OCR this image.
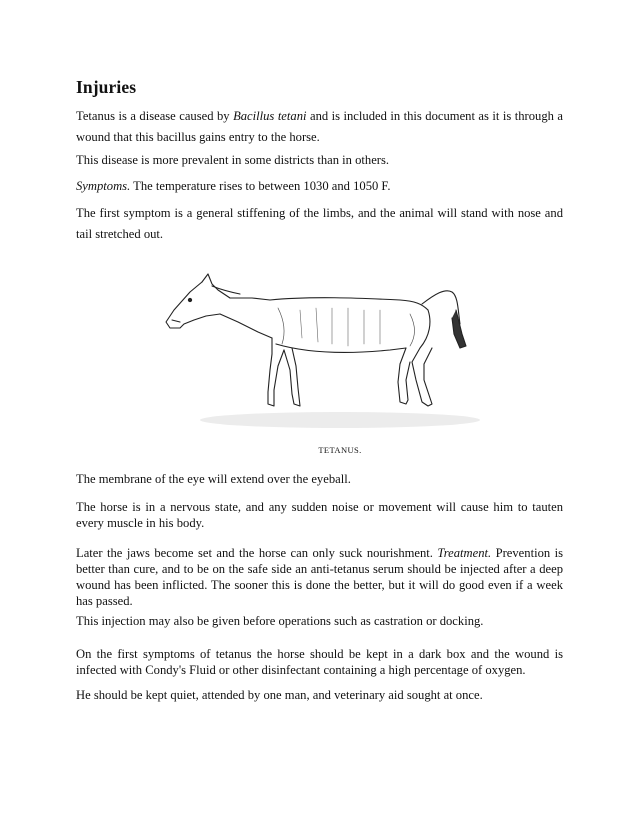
Injuries

Tetanus is a disease caused by Bacillus tetani and is included in this document as it is through a wound that this bacillus gains entry to the horse.

This disease is more prevalent in some districts than in others.

Symptoms. The temperature rises to between 1030 and 1050 F.

The first symptom is a general stiffening of the limbs, and the animal will stand with nose and tail stretched out.

TETANUS.

The membrane of the eye will extend over the eyeball.

The horse is in a nervous state, and any sudden noise or movement will cause him to tauten every muscle in his body.

Later the jaws become set and the horse can only suck nourishment. Treatment. Prevention is better than cure, and to be on the safe side an anti-tetanus serum should be injected after a deep wound has been inflicted. The sooner this is done the better, but it will do good even if a week has passed.

This injection may also be given before operations such as castration or docking.

On the first symptoms of tetanus the horse should be kept in a dark box and the wound is infected with Condy's Fluid or other disinfectant containing a high percentage of oxygen.

He should be kept quiet, attended by one man, and veterinary aid sought at once.
